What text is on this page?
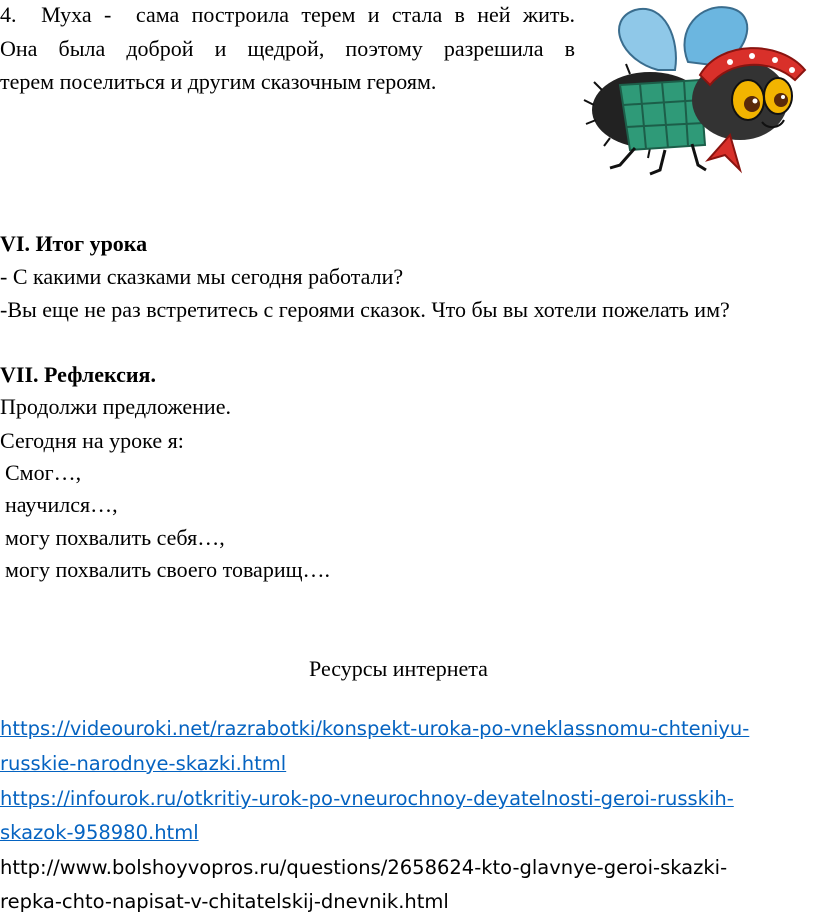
4.  Муха -  сама построила терем и стала в ней жить.
Она была доброй и щедрой, поэтому разрешила в
терем поселиться и другим сказочным героям.
VI. Итог урока
- С какими сказками мы сегодня работали?
-Вы еще не раз встретитесь с героями сказок. Что бы вы хотели пожелать им?
VII. Рефлексия.
Продолжи предложение.
Сегодня на уроке я:
Смог…,
научился…,
могу похвалить себя…,
могу похвалить своего товарищ….
Ресурсы интернета
https://videouroki.net/razrabotki/konspekt-uroka-po-vneklassnomu-chteniyu-
russkie-narodnye-skazki.html
https://infourok.ru/otkritiy-urok-po-vneurochnoy-deyatelnosti-geroi-russkih-
skazok-958980.html
http://www.bolshoyvopros.ru/questions/2658624-kto-glavnye-geroi-skazki-
repka-chto-napisat-v-chitatelskij-dnevnik.html
